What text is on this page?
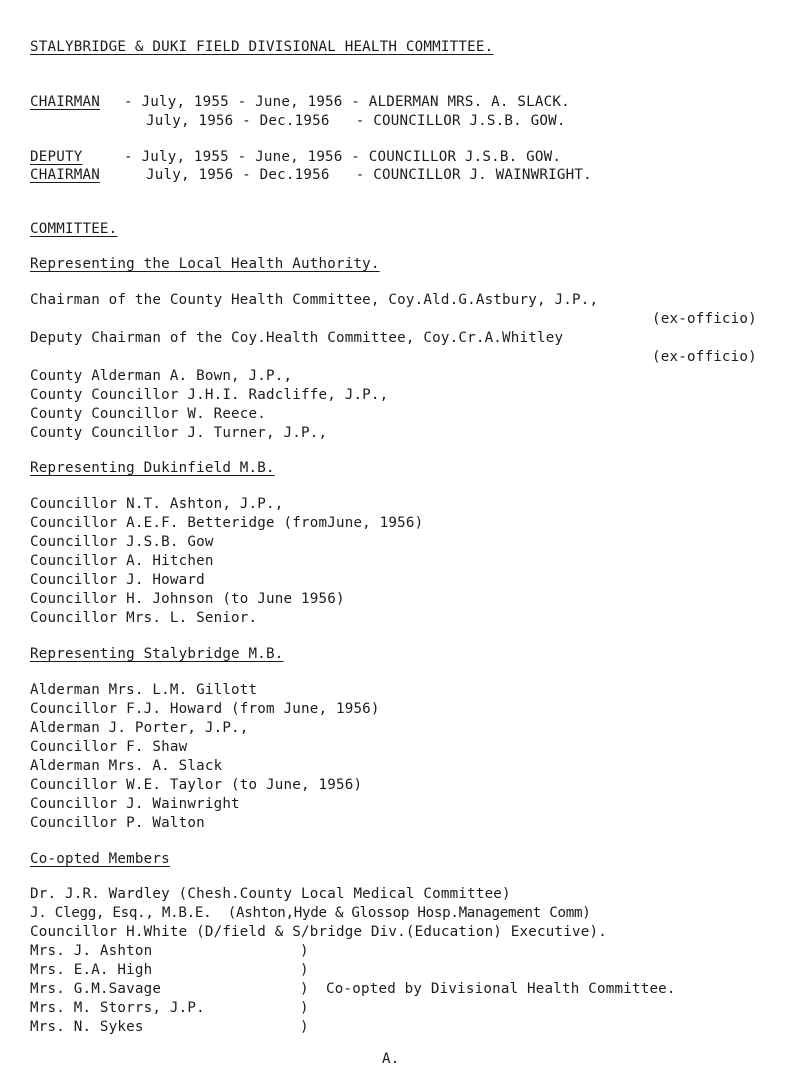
STALYBRIDGE & DUKI FIELD DIVISIONAL HEALTH COMMITTEE.
CHAIRMAN - July, 1955 - June, 1956 - ALDERMAN MRS. A. SLACK.
July, 1956 - Dec.1956   - COUNCILLOR J.S.B. GOW.
DEPUTY
CHAIRMAN
- July, 1955 - June, 1956 - COUNCILLOR J.S.B. GOW.
July, 1956 - Dec.1956   - COUNCILLOR J. WAINWRIGHT.
COMMITTEE.
Representing the Local Health Authority.
Chairman of the County Health Committee, Coy.Ald.G.Astbury, J.P.,
(ex-officio)
Deputy Chairman of the Coy.Health Committee, Coy.Cr.A.Whitley
(ex-officio)
County Alderman A. Bown, J.P.,
County Councillor J.H.I. Radcliffe, J.P.,
County Councillor W. Reece.
County Councillor J. Turner, J.P.,
Representing Dukinfield M.B.
Councillor N.T. Ashton, J.P.,
Councillor A.E.F. Betteridge (fromJune, 1956)
Councillor J.S.B. Gow
Councillor A. Hitchen
Councillor J. Howard
Councillor H. Johnson (to June 1956)
Councillor Mrs. L. Senior.
Representing Stalybridge M.B.
Alderman Mrs. L.M. Gillott
Councillor F.J. Howard (from June, 1956)
Alderman J. Porter, J.P.,
Councillor F. Shaw
Alderman Mrs. A. Slack
Councillor W.E. Taylor (to June, 1956)
Councillor J. Wainwright
Councillor P. Walton
Co-opted Members
Dr. J.R. Wardley (Chesh.County Local Medical Committee)
J. Clegg, Esq., M.B.E.  (Ashton,Hyde & Glossop Hosp.Management Comm)
Councillor H.White (D/field & S/bridge Div.(Education) Executive).
Mrs. J. Ashton
Mrs. E.A. High
Mrs. G.M.Savage
Mrs. M. Storrs, J.P.
Mrs. N. Sykes
)
)
)
)
)
Co-opted by Divisional Health Committee.
A.
